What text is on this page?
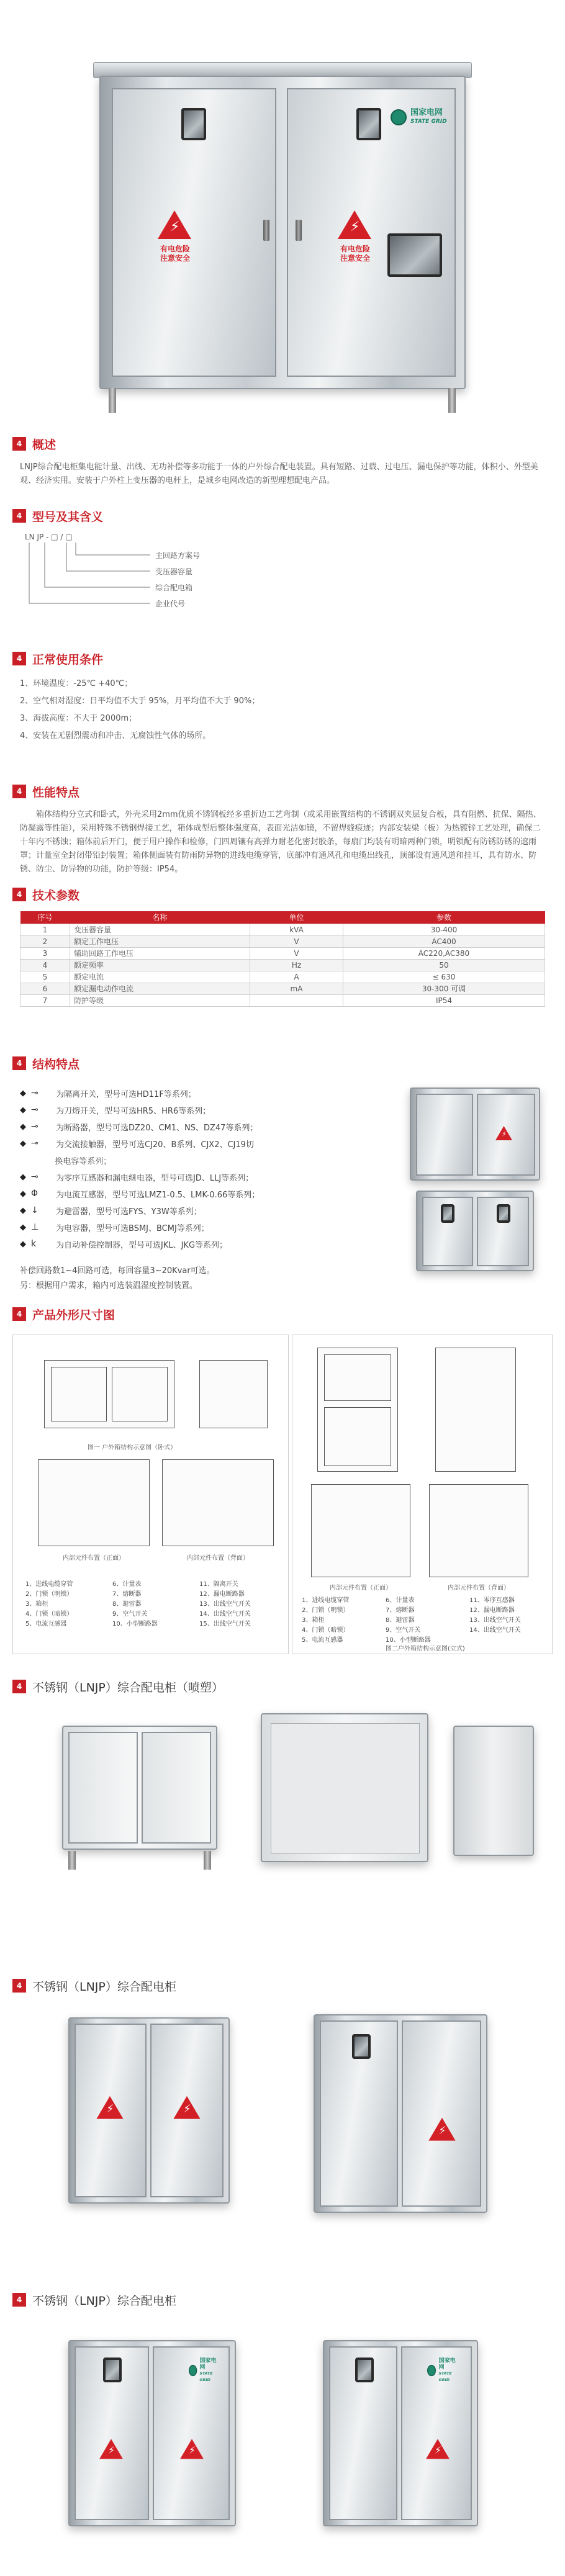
⚡
有电危险
注意安全
国家电网
STATE GRID
⚡
有电危险
注意安全
4 概述
LNJP综合配电柜集电能计量、出线、无功补偿等多功能于一体的户外综合配电装置。具有短路、过载、过电压、漏电保护等功能，体积小、外型美观、经济实用。安装于户外柱上变压器的电杆上，是城乡电网改造的新型理想配电产品。
4 型号及其含义
LN JP - □ / □
主回路方案号
变压器容量
综合配电箱
企业代号
4 正常使用条件
1、环境温度：-25℃ +40℃；
2、空气相对湿度：日平均值不大于 95%，月平均值不大于 90%；
3、海拔高度：不大于 2000m；
4、安装在无剧烈震动和冲击、无腐蚀性气体的场所。
4 性能特点
箱体结构分立式和卧式，外壳采用2mm优质不锈钢板经多重折边工艺弯制（或采用嵌置结构的不锈钢双夹层复合板，具有阻燃、抗保、隔热、防凝露等性能），采用特殊不锈钢焊接工艺，箱体成型后整体强度高，表面光洁如镜，不留焊缝痕迹；内部安装梁（板）为热镀锌工艺处理，确保二十年内不锈蚀；箱体前后开门，便于用户操作和检修，门四周镶有高弹力耐老化密封胶条，每扇门均装有明暗两种门锁，明锁配有防锈防锈的遮雨罩；计量室全封闭带铅封装置；箱体侧面装有防雨防异物的进线电缆穿管，底部冲有通风孔和电缆出线孔，顶部设有通风道和挂耳，具有防水、防锈、防尘、防异物的功能，防护等级：IP54。
4 技术参数
序号	名称	单位	参数
1	变压器容量	kVA	30-400
2	额定工作电压	V	AC400
3	辅助回路工作电压	V	AC220,AC380
4	额定频率	Hz	50
5	额定电流	A	≤ 630
6	额定漏电动作电流	mA	30-300 可调
7	防护等级		IP54
4 结构特点
◆ ⊸	为隔离开关，型号可选HD11F等系列；
◆ ⊸	为刀熔开关，型号可选HR5、HR6等系列；
◆ ⊸	为断路器，型号可选DZ20、CM1、NS、DZ47等系列；
◆ ⊸	为交流接触器，型号可选CJ20、B系列、CJX2、CJ19切

换电容等系列；
◆ ⊸	为零序互感器和漏电继电器，型号可选JD、LLJ等系列；
◆ Φ	为电流互感器，型号可选LMZ1-0.5、LMK-0.66等系列；
◆ ↓	为避雷器，型号可选FYS、Y3W等系列；
◆ ⊥	为电容器，型号可选BSMJ、BCMJ等系列；
◆ k	为自动补偿控制器，型号可选JKL、JKG等系列；
补偿回路数1~4回路可选，每回容量3~20Kvar可选。
另：根据用户需求，箱内可选装温湿度控制装置。
⚡
4 产品外形尺寸图
图一 户外箱结构示意图（卧式）
内部元件布置（正面）	内部元件布置（背面）
1、进线电缆穿管	6、计量表	11、隔离开关
2、门锁（明锁）	7、熔断器	12、漏电断路器
3、箱柜	8、避雷器	13、出线空气开关
4、门锁（暗锁）	9、空气开关	14、出线空气开关
5、电流互感器	10、小型断路器	15、出线空气开关
内部元件布置（正面）	内部元件布置（背面）
1、进线电缆穿管	6、计量表	11、零序互感器
2、门锁（明锁）	7、熔断器	12、漏电断路器
3、箱柜	8、避雷器	13、出线空气开关
4、门锁（暗锁）	9、空气开关	14、出线空气开关
5、电流互感器	10、小型断路器
图二户外箱结构示意图(立式)
4 不锈钢（LNJP）综合配电柜（喷塑）
4 不锈钢（LNJP）综合配电柜
⚡	⚡
⚡
4 不锈钢（LNJP）综合配电柜
⚡
国家电网
STATE GRID
⚡
国家电网
STATE GRID
⚡
